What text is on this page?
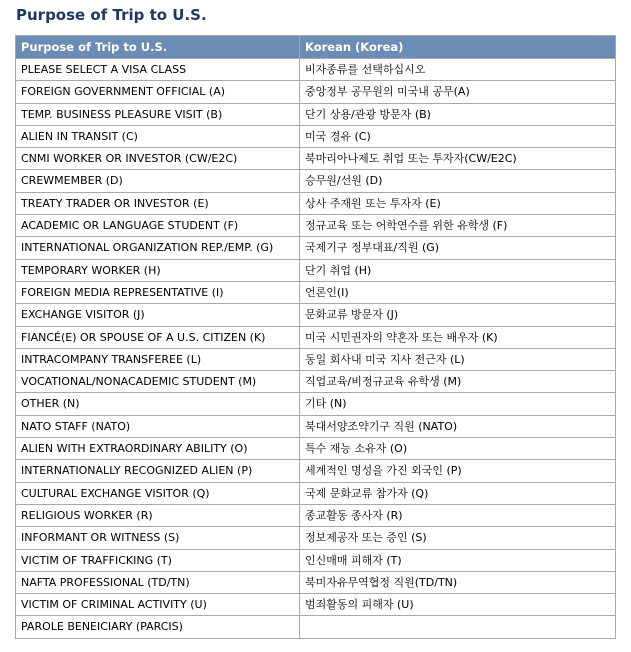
Purpose of Trip to U.S.
Purpose of Trip to U.S.	Korean (Korea)
PLEASE SELECT A VISA CLASS	비자종류를 선택하십시오
FOREIGN GOVERNMENT OFFICIAL (A)	중앙정부 공무원의 미국내 공무(A)
TEMP. BUSINESS PLEASURE VISIT (B)	단기 상용/관광 방문자 (B)
ALIEN IN TRANSIT (C)	미국 경유 (C)
CNMI WORKER OR INVESTOR (CW/E2C)	북마리아나제도 취업 또는 투자자(CW/E2C)
CREWMEMBER (D)	승무원/선원 (D)
TREATY TRADER OR INVESTOR (E)	상사 주재원 또는 투자자 (E)
ACADEMIC OR LANGUAGE STUDENT (F)	정규교육 또는 어학연수를 위한 유학생 (F)
INTERNATIONAL ORGANIZATION REP./EMP. (G)	국제기구 정부대표/직원 (G)
TEMPORARY WORKER (H)	단기 취업 (H)
FOREIGN MEDIA REPRESENTATIVE (I)	언론인(I)
EXCHANGE VISITOR (J)	문화교류 방문자 (J)
FIANCÉ(E) OR SPOUSE OF A U.S. CITIZEN (K)	미국 시민권자의 약혼자 또는 배우자 (K)
INTRACOMPANY TRANSFEREE (L)	동일 회사내 미국 지사 전근자 (L)
VOCATIONAL/NONACADEMIC STUDENT (M)	직업교육/비정규교육 유학생 (M)
OTHER (N)	기타 (N)
NATO STAFF (NATO)	북대서양조약기구 직원 (NATO)
ALIEN WITH EXTRAORDINARY ABILITY (O)	특수 재능 소유자 (O)
INTERNATIONALLY RECOGNIZED ALIEN (P)	세계적인 명성을 가진 외국인 (P)
CULTURAL EXCHANGE VISITOR (Q)	국제 문화교류 참가자 (Q)
RELIGIOUS WORKER (R)	종교활동 종사자 (R)
INFORMANT OR WITNESS (S)	정보제공자 또는 증인 (S)
VICTIM OF TRAFFICKING (T)	인신매매 피해자 (T)
NAFTA PROFESSIONAL (TD/TN)	북미자유무역협정 직원(TD/TN)
VICTIM OF CRIMINAL ACTIVITY (U)	범죄활동의 피해자 (U)
PAROLE BENEICIARY (PARCIS)	
